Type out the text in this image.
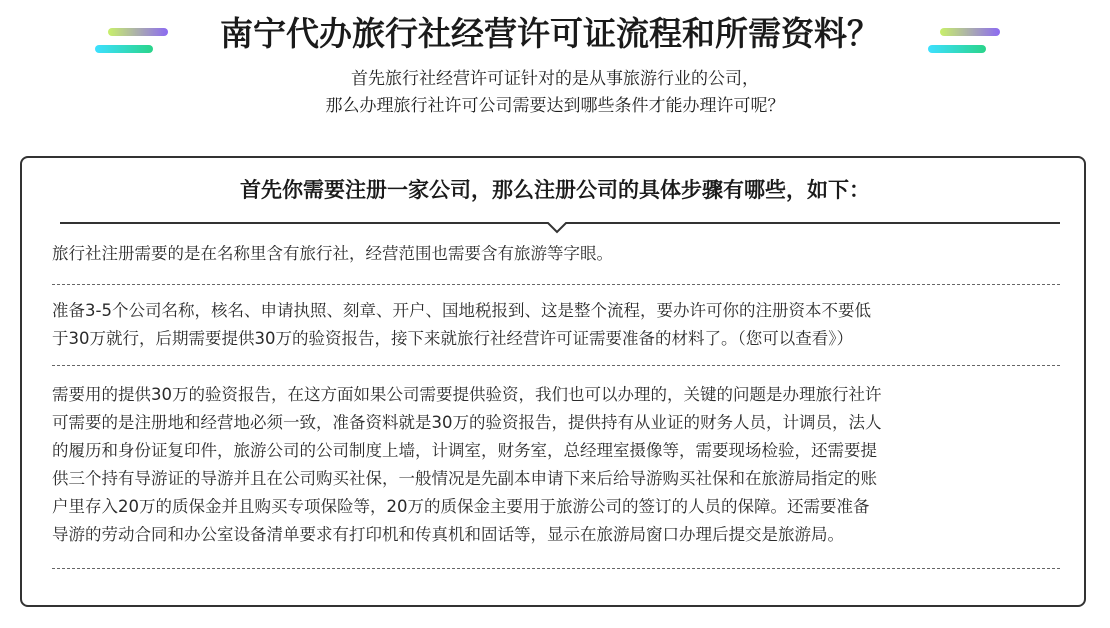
南宁代办旅行社经营许可证流程和所需资料？
首先旅行社经营许可证针对的是从事旅游行业的公司，
那么办理旅行社许可公司需要达到哪些条件才能办理许可呢？
首先你需要注册一家公司，那么注册公司的具体步骤有哪些，如下：
旅行社注册需要的是在名称里含有旅行社，经营范围也需要含有旅游等字眼。
准备3-5个公司名称，核名、申请执照、刻章、开户、国地税报到、这是整个流程，要办许可你的注册资本不要低
于30万就行，后期需要提供30万的验资报告，接下来就旅行社经营许可证需要准备的材料了。（您可以查看》）
需要用的提供30万的验资报告，在这方面如果公司需要提供验资，我们也可以办理的，关键的问题是办理旅行社许
可需要的是注册地和经营地必须一致，准备资料就是30万的验资报告，提供持有从业证的财务人员，计调员，法人
的履历和身份证复印件，旅游公司的公司制度上墙，计调室，财务室，总经理室摄像等，需要现场检验，还需要提
供三个持有导游证的导游并且在公司购买社保，一般情况是先副本申请下来后给导游购买社保和在旅游局指定的账
户里存入20万的质保金并且购买专项保险等，20万的质保金主要用于旅游公司的签订的人员的保障。还需要准备
导游的劳动合同和办公室设备清单要求有打印机和传真机和固话等，显示在旅游局窗口办理后提交是旅游局。
